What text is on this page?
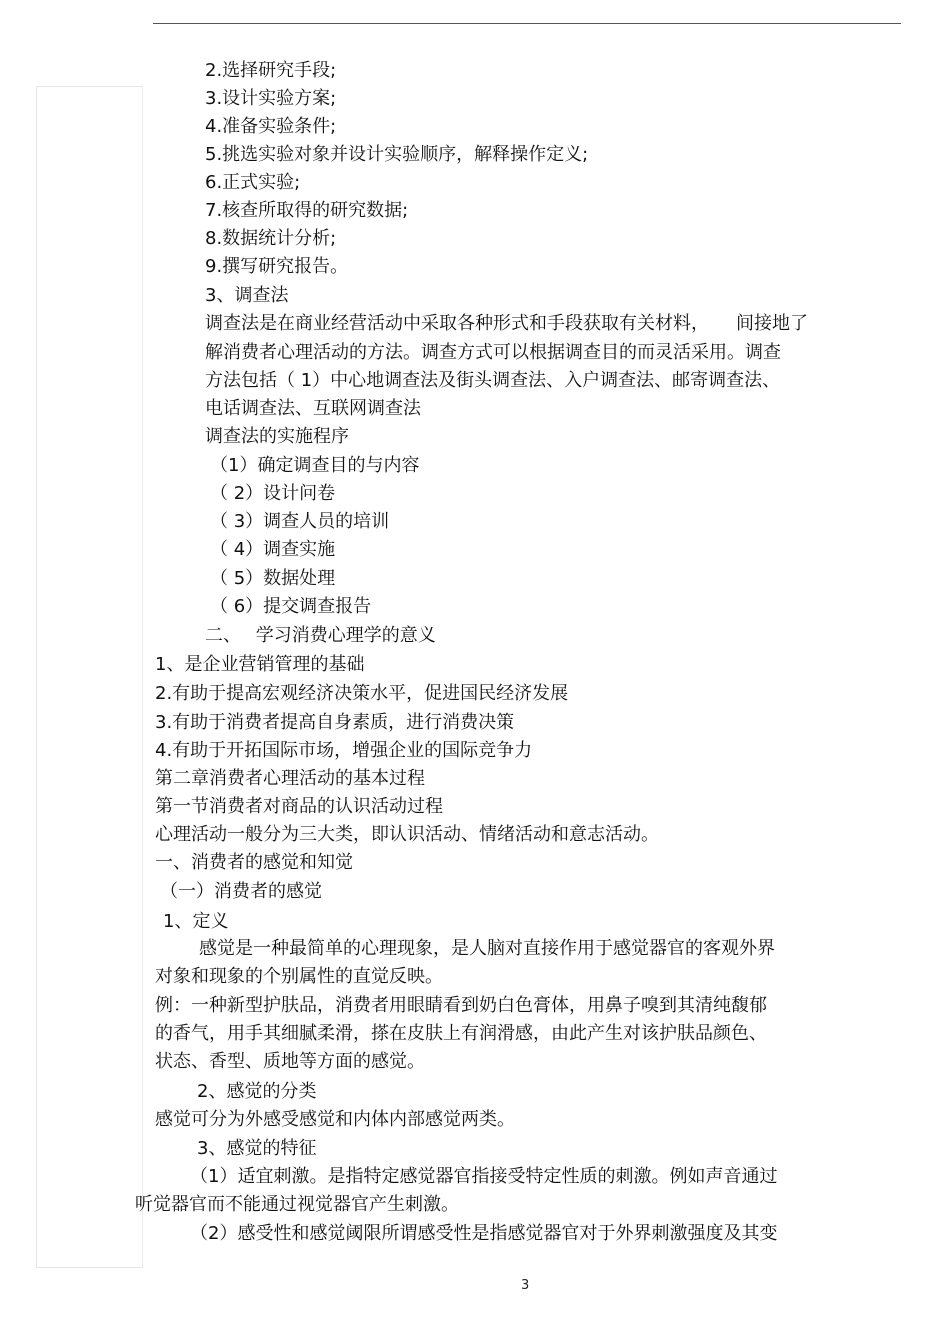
2.选择研究手段;
3.设计实验方案;
4.准备实验条件;
5.挑选实验对象并设计实验顺序，解释操作定义;
6.正式实验;
7.核查所取得的研究数据;
8.数据统计分析;
9.撰写研究报告。
3、调查法
调查法是在商业经营活动中采取各种形式和手段获取有关材料，　　间接地了
解消费者心理活动的方法。调查方式可以根据调查目的而灵活采用。调查
方法包括（ 1）中心地调查法及街头调查法、入户调查法、邮寄调查法、
电话调查法、互联网调查法
调查法的实施程序
（1）确定调查目的与内容
（ 2）设计问卷
（ 3）调查人员的培训
（ 4）调查实施
（ 5）数据处理
（ 6）提交调查报告
二、　 学习消费心理学的意义
1、是企业营销管理的基础
2.有助于提高宏观经济决策水平，促进国民经济发展
3.有助于消费者提高自身素质，进行消费决策
4.有助于开拓国际市场，增强企业的国际竞争力
第二章消费者心理活动的基本过程
第一节消费者对商品的认识活动过程
心理活动一般分为三大类，即认识活动、情绪活动和意志活动。
一、消费者的感觉和知觉
（一）消费者的感觉
1、定义
感觉是一种最简单的心理现象，是人脑对直接作用于感觉器官的客观外界
对象和现象的个别属性的直觉反映。
例：一种新型护肤品，消费者用眼睛看到奶白色膏体，用鼻子嗅到其清纯馥郁
的香气，用手其细腻柔滑，搽在皮肤上有润滑感，由此产生对该护肤品颜色、
状态、香型、质地等方面的感觉。
2、感觉的分类
感觉可分为外感受感觉和内体内部感觉两类。
3、感觉的特征
（1）适宜刺激。是指特定感觉器官指接受特定性质的刺激。例如声音通过
听觉器官而不能通过视觉器官产生刺激。
（2）感受性和感觉阈限所谓感受性是指感觉器官对于外界刺激强度及其变
3
